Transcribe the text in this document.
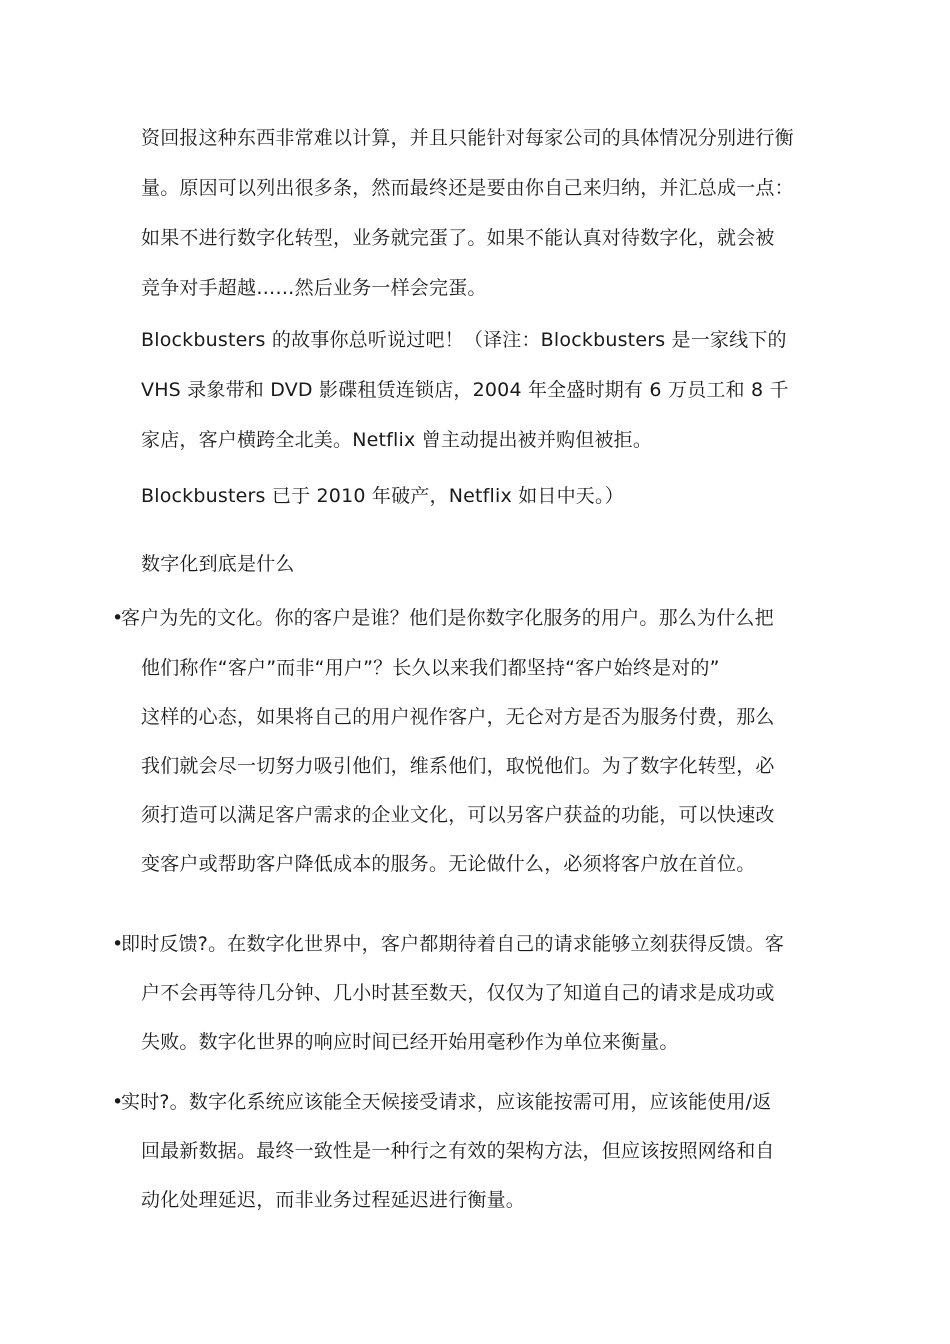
资回报这种东西非常难以计算，并且只能针对每家公司的具体情况分别进行衡
量。原因可以列出很多条，然而最终还是要由你自己来归纳，并汇总成一点：
如果不进行数字化转型，业务就完蛋了。如果不能认真对待数字化，就会被
竞争对手超越……然后业务一样会完蛋。
Blockbusters 的故事你总听说过吧！（译注：Blockbusters 是一家线下的
VHS 录象带和 DVD 影碟租赁连锁店，2004 年全盛时期有 6 万员工和 8 千
家店，客户横跨全北美。Netflix 曾主动提出被并购但被拒。
Blockbusters 已于 2010 年破产，Netflix 如日中天。）
数字化到底是什么
•客户为先的文化。你的客户是谁？他们是你数字化服务的用户。那么为什么把
他们称作“客户”而非“用户”？长久以来我们都坚持“客户始终是对的”
这样的心态，如果将自己的用户视作客户，无仑对方是否为服务付费，那么
我们就会尽一切努力吸引他们，维系他们，取悦他们。为了数字化转型，必
须打造可以满足客户需求的企业文化，可以另客户获益的功能，可以快速改
变客户或帮助客户降低成本的服务。无论做什么，必须将客户放在首位。
•即时反馈?。在数字化世界中，客户都期待着自己的请求能够立刻获得反馈。客
户不会再等待几分钟、几小时甚至数天，仅仅为了知道自己的请求是成功或
失败。数字化世界的响应时间已经开始用毫秒作为单位来衡量。
•实时?。数字化系统应该能全天候接受请求，应该能按需可用，应该能使用/返
回最新数据。最终一致性是一种行之有效的架构方法，但应该按照网络和自
动化处理延迟，而非业务过程延迟进行衡量。
